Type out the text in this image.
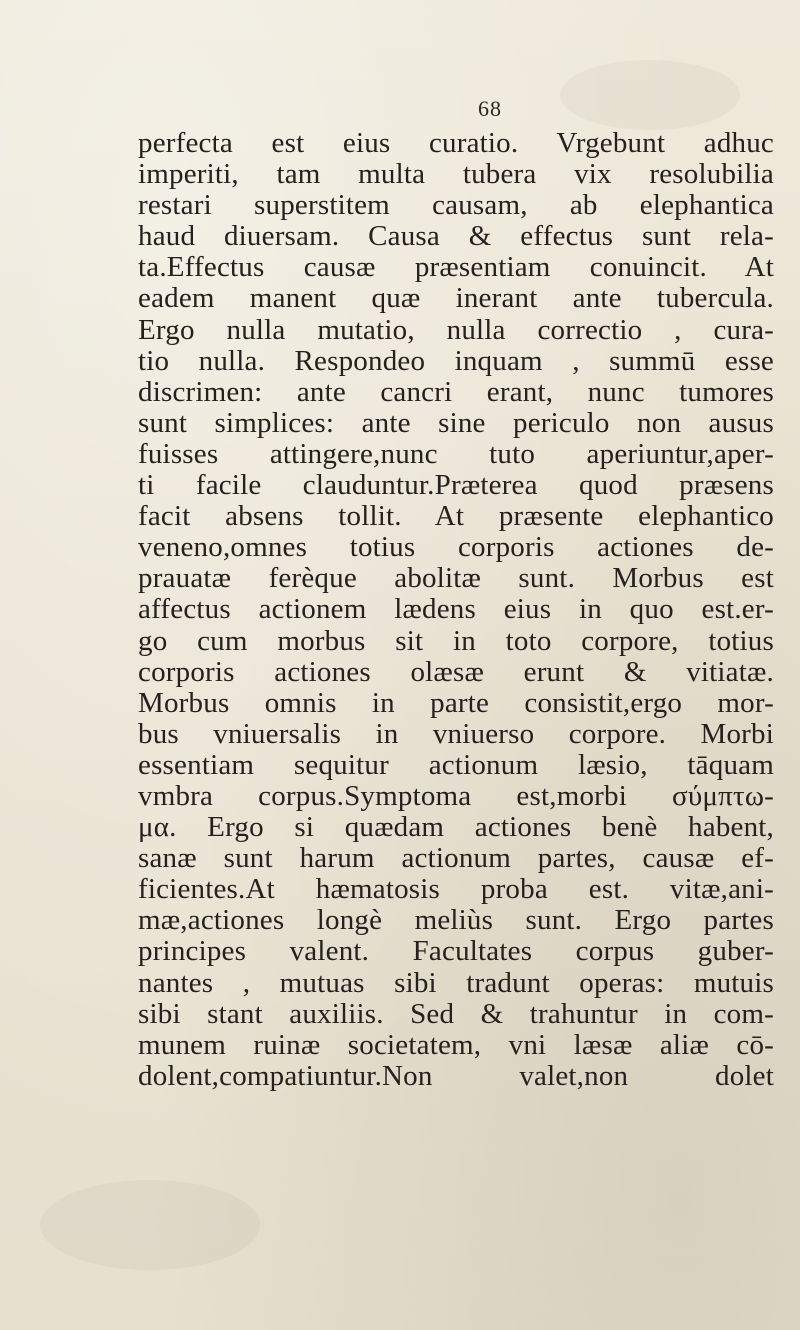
68
perfecta est eius curatio. Vrgebunt adhuc
imperiti, tam multa tubera vix resolubilia
restari superstitem causam, ab elephantica
haud diuersam. Causa & effectus sunt rela-
ta.Effectus causæ præsentiam conuincit. At
eadem manent quæ inerant ante tubercula.
Ergo nulla mutatio, nulla correctio , cura-
tio nulla. Respondeo inquam , summū esse
discrimen: ante cancri erant, nunc tumores
sunt simplices: ante sine periculo non ausus
fuisses attingere,nunc tuto aperiuntur,aper-
ti facile clauduntur.Præterea quod præsens
facit absens tollit. At præsente elephantico
veneno,omnes totius corporis actiones de-
prauatæ ferèque abolitæ sunt. Morbus est
affectus actionem lædens eius in quo est.er-
go cum morbus sit in toto corpore, totius
corporis actiones olæsæ erunt & vitiatæ.
Morbus omnis in parte consistit,ergo mor-
bus vniuersalis in vniuerso corpore. Morbi
essentiam sequitur actionum læsio, tāquam
vmbra corpus.Symptoma est,morbi σύμπτω-
μα. Ergo si quædam actiones benè habent,
sanæ sunt harum actionum partes, causæ ef-
ficientes.At hæmatosis proba est. vitæ,ani-
mæ,actiones longè meliùs sunt. Ergo partes
principes valent. Facultates corpus guber-
nantes , mutuas sibi tradunt operas: mutuis
sibi stant auxiliis. Sed & trahuntur in com-
munem ruinæ societatem, vni læsæ aliæ cō-
dolent,compatiuntur.Non valet,non dolet
